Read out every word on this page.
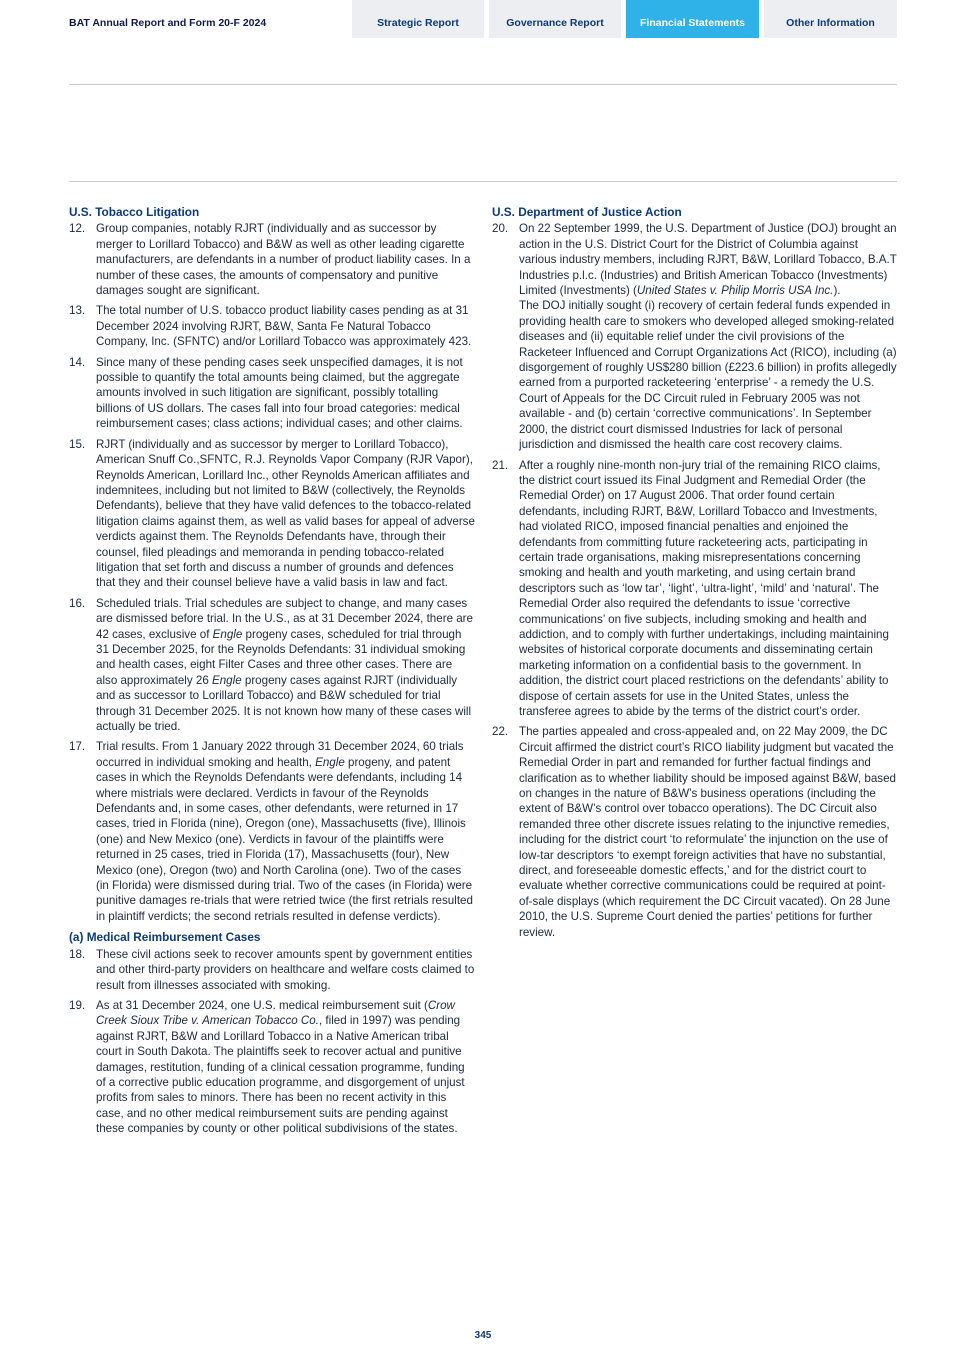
BAT Annual Report and Form 20-F 2024	Strategic Report	Governance Report	Financial Statements	Other Information
U.S. Tobacco Litigation
12. Group companies, notably RJRT (individually and as successor by merger to Lorillard Tobacco) and B&W as well as other leading cigarette manufacturers, are defendants in a number of product liability cases. In a number of these cases, the amounts of compensatory and punitive damages sought are significant.
13. The total number of U.S. tobacco product liability cases pending as at 31 December 2024 involving RJRT, B&W, Santa Fe Natural Tobacco Company, Inc. (SFNTC) and/or Lorillard Tobacco was approximately 423.
14. Since many of these pending cases seek unspecified damages, it is not possible to quantify the total amounts being claimed, but the aggregate amounts involved in such litigation are significant, possibly totalling billions of US dollars. The cases fall into four broad categories: medical reimbursement cases; class actions; individual cases; and other claims.
15. RJRT (individually and as successor by merger to Lorillard Tobacco), American Snuff Co.,SFNTC, R.J. Reynolds Vapor Company (RJR Vapor), Reynolds American, Lorillard Inc., other Reynolds American affiliates and indemnitees, including but not limited to B&W (collectively, the Reynolds Defendants), believe that they have valid defences to the tobacco-related litigation claims against them, as well as valid bases for appeal of adverse verdicts against them. The Reynolds Defendants have, through their counsel, filed pleadings and memoranda in pending tobacco-related litigation that set forth and discuss a number of grounds and defences that they and their counsel believe have a valid basis in law and fact.
16. Scheduled trials. Trial schedules are subject to change, and many cases are dismissed before trial. In the U.S., as at 31 December 2024, there are 42 cases, exclusive of Engle progeny cases, scheduled for trial through 31 December 2025, for the Reynolds Defendants: 31 individual smoking and health cases, eight Filter Cases and three other cases. There are also approximately 26 Engle progeny cases against RJRT (individually and as successor to Lorillard Tobacco) and B&W scheduled for trial through 31 December 2025. It is not known how many of these cases will actually be tried.
17. Trial results. From 1 January 2022 through 31 December 2024, 60 trials occurred in individual smoking and health, Engle progeny, and patent cases in which the Reynolds Defendants were defendants, including 14 where mistrials were declared. Verdicts in favour of the Reynolds Defendants and, in some cases, other defendants, were returned in 17 cases, tried in Florida (nine), Oregon (one), Massachusetts (five), Illinois (one) and New Mexico (one). Verdicts in favour of the plaintiffs were returned in 25 cases, tried in Florida (17), Massachusetts (four), New Mexico (one), Oregon (two) and North Carolina (one). Two of the cases (in Florida) were dismissed during trial. Two of the cases (in Florida) were punitive damages re-trials that were retried twice (the first retrials resulted in plaintiff verdicts; the second retrials resulted in defense verdicts).
(a) Medical Reimbursement Cases
18. These civil actions seek to recover amounts spent by government entities and other third-party providers on healthcare and welfare costs claimed to result from illnesses associated with smoking.
19. As at 31 December 2024, one U.S. medical reimbursement suit (Crow Creek Sioux Tribe v. American Tobacco Co., filed in 1997) was pending against RJRT, B&W and Lorillard Tobacco in a Native American tribal court in South Dakota. The plaintiffs seek to recover actual and punitive damages, restitution, funding of a clinical cessation programme, funding of a corrective public education programme, and disgorgement of unjust profits from sales to minors. There has been no recent activity in this case, and no other medical reimbursement suits are pending against these companies by county or other political subdivisions of the states.
U.S. Department of Justice Action
20. On 22 September 1999, the U.S. Department of Justice (DOJ) brought an action in the U.S. District Court for the District of Columbia against various industry members, including RJRT, B&W, Lorillard Tobacco, B.A.T Industries p.l.c. (Industries) and British American Tobacco (Investments) Limited (Investments) (United States v. Philip Morris USA Inc.).
The DOJ initially sought (i) recovery of certain federal funds expended in providing health care to smokers who developed alleged smoking-related diseases and (ii) equitable relief under the civil provisions of the Racketeer Influenced and Corrupt Organizations Act (RICO), including (a) disgorgement of roughly US$280 billion (£223.6 billion) in profits allegedly earned from a purported racketeering ‘enterprise’ - a remedy the U.S. Court of Appeals for the DC Circuit ruled in February 2005 was not available - and (b) certain ‘corrective communications’. In September 2000, the district court dismissed Industries for lack of personal jurisdiction and dismissed the health care cost recovery claims.
21. After a roughly nine-month non-jury trial of the remaining RICO claims, the district court issued its Final Judgment and Remedial Order (the Remedial Order) on 17 August 2006. That order found certain defendants, including RJRT, B&W, Lorillard Tobacco and Investments, had violated RICO, imposed financial penalties and enjoined the defendants from committing future racketeering acts, participating in certain trade organisations, making misrepresentations concerning smoking and health and youth marketing, and using certain brand descriptors such as ‘low tar’, ‘light’, ‘ultra-light’, ‘mild’ and ‘natural’. The Remedial Order also required the defendants to issue ‘corrective communications’ on five subjects, including smoking and health and addiction, and to comply with further undertakings, including maintaining websites of historical corporate documents and disseminating certain marketing information on a confidential basis to the government. In addition, the district court placed restrictions on the defendants’ ability to dispose of certain assets for use in the United States, unless the transferee agrees to abide by the terms of the district court’s order.
22. The parties appealed and cross-appealed and, on 22 May 2009, the DC Circuit affirmed the district court’s RICO liability judgment but vacated the Remedial Order in part and remanded for further factual findings and clarification as to whether liability should be imposed against B&W, based on changes in the nature of B&W’s business operations (including the extent of B&W’s control over tobacco operations). The DC Circuit also remanded three other discrete issues relating to the injunctive remedies, including for the district court ‘to reformulate’ the injunction on the use of low-tar descriptors ‘to exempt foreign activities that have no substantial, direct, and foreseeable domestic effects,’ and for the district court to evaluate whether corrective communications could be required at point-of-sale displays (which requirement the DC Circuit vacated). On 28 June 2010, the U.S. Supreme Court denied the parties’ petitions for further review.
345
